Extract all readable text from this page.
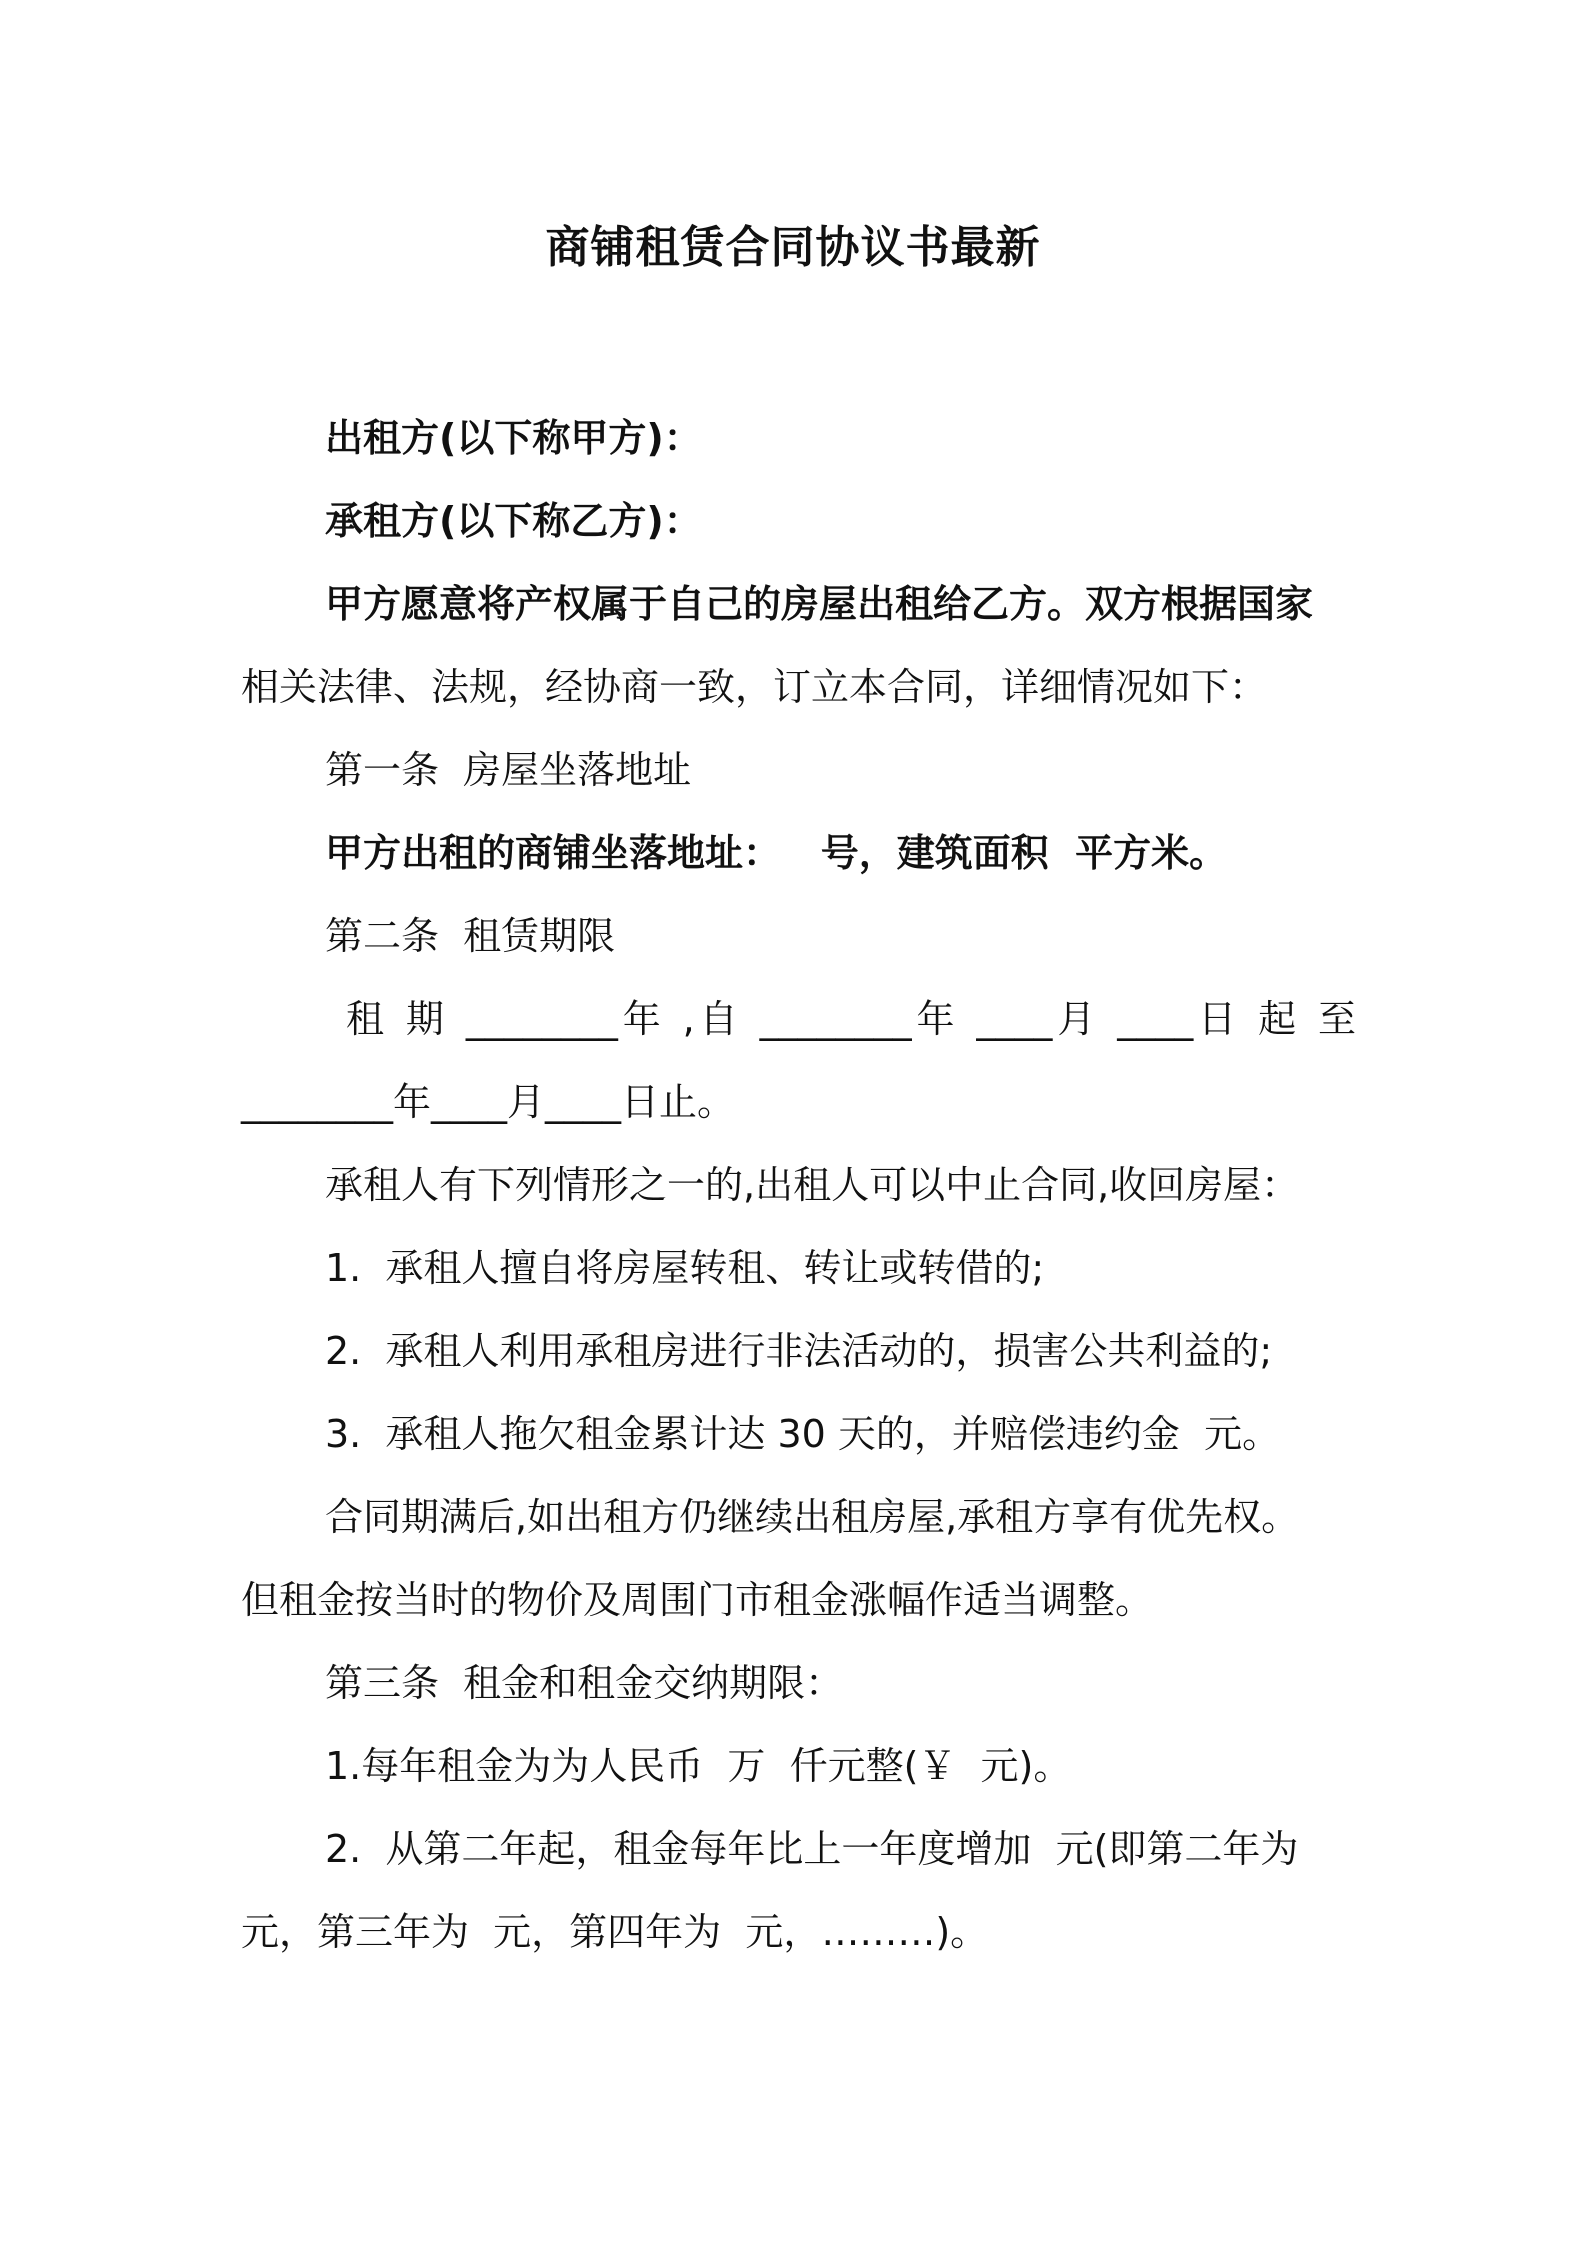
商铺租赁合同协议书最新

出租方(以下称甲方)：

承租方(以下称乙方)：

甲方愿意将产权属于自己的房屋出租给乙方。双方根据国家

相关法律、法规，经协商一致，订立本合同，详细情况如下：

第一条  房屋坐落地址

甲方出租的商铺坐落地址：   号，建筑面积  平方米。

第二条  租赁期限

租 期 ________年 ,自 ________年 ____月 ____日 起 至

________年____月____日止。

承租人有下列情形之一的,出租人可以中止合同,收回房屋：

1.  承租人擅自将房屋转租、转让或转借的;

2.  承租人利用承租房进行非法活动的，损害公共利益的;

3.  承租人拖欠租金累计达 30 天的，并赔偿违约金  元。

合同期满后,如出租方仍继续出租房屋,承租方享有优先权。

但租金按当时的物价及周围门市租金涨幅作适当调整。

第三条  租金和租金交纳期限：

1.每年租金为为人民币  万  仟元整(￥  元)。

2.  从第二年起，租金每年比上一年度增加  元(即第二年为

元，第三年为  元，第四年为  元，………)。
